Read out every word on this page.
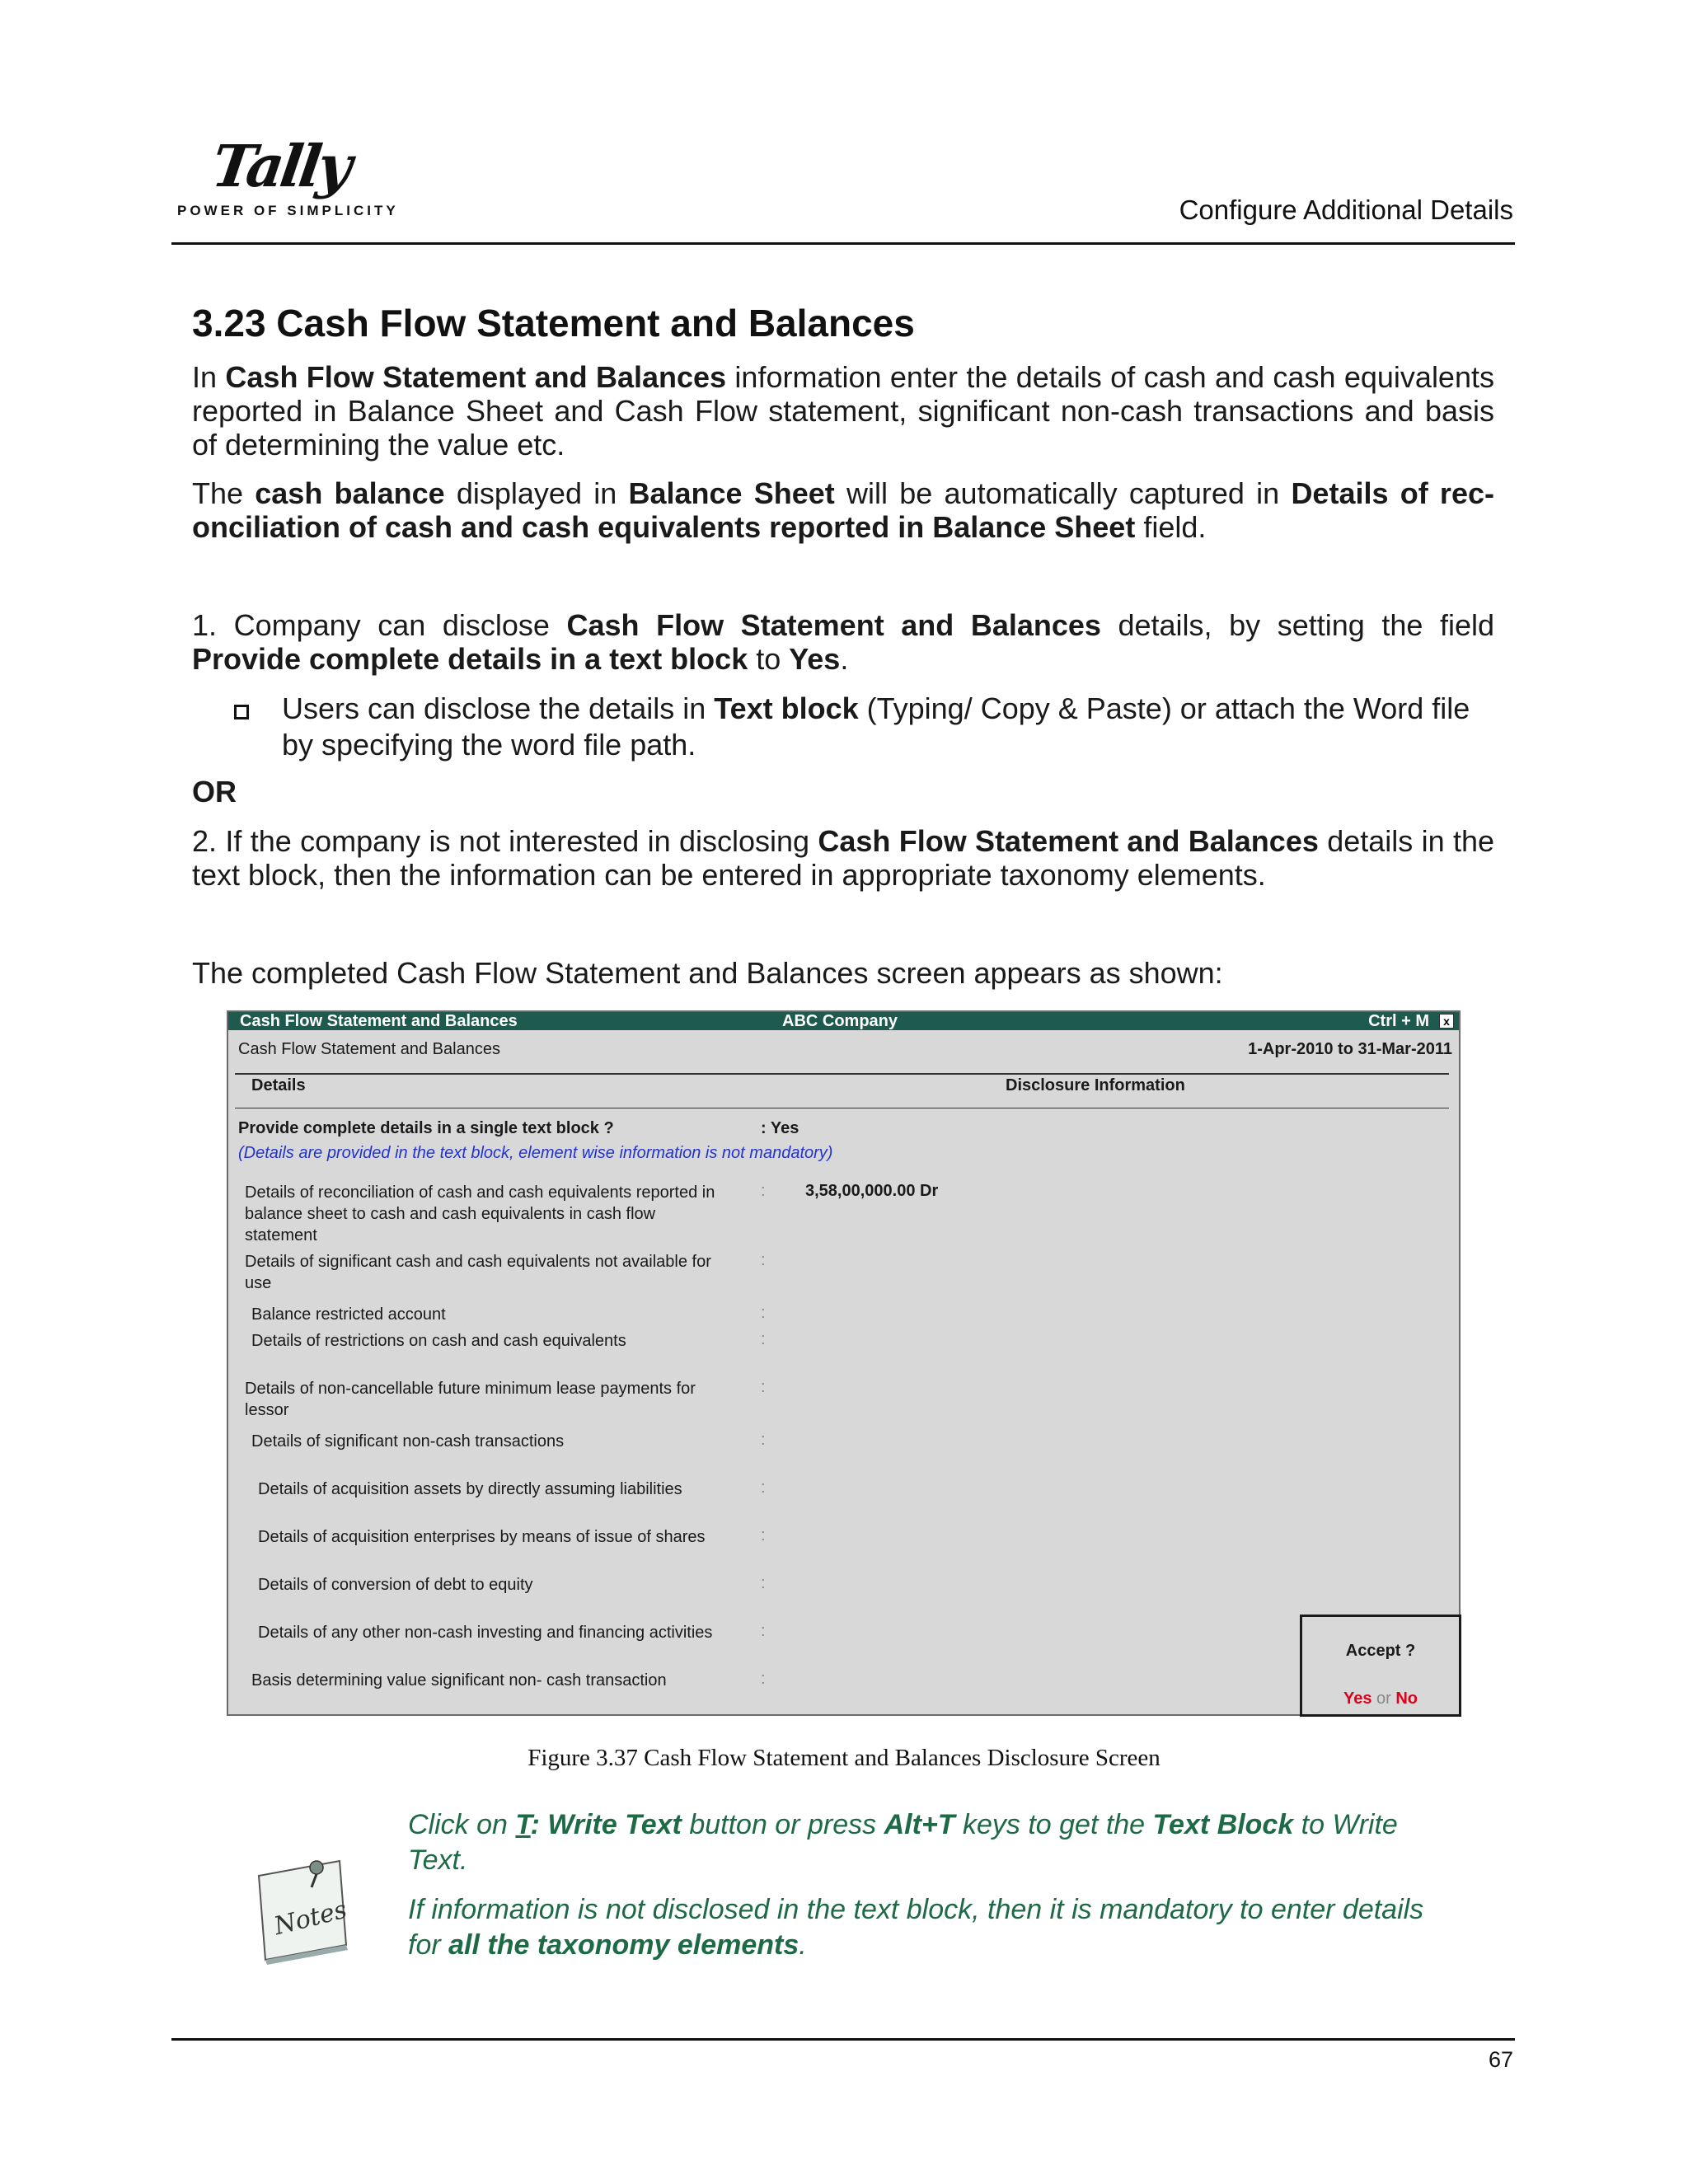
Tally
POWER OF SIMPLICITY	Configure Additional Details
3.23 Cash Flow Statement and Balances
In Cash Flow Statement and Balances information enter the details of cash and cash equivalents reported in Balance Sheet and Cash Flow statement, significant non-cash transactions and basis of determining the value etc.
The cash balance displayed in Balance Sheet will be automatically captured in Details of reconciliation of cash and cash equivalents reported in Balance Sheet field.
1. Company can disclose Cash Flow Statement and Balances details, by setting the field Provide complete details in a text block to Yes.
Users can disclose the details in Text block (Typing/ Copy & Paste) or attach the Word file by specifying the word file path.
OR
2. If the company is not interested in disclosing Cash Flow Statement and Balances details in the text block, then the information can be entered in appropriate taxonomy elements.
The completed Cash Flow Statement and Balances screen appears as shown:
Cash Flow Statement and Balances	ABC Company	Ctrl + M	x
Cash Flow Statement and Balances	1-Apr-2010 to 31-Mar-2011
Details	Disclosure Information
Provide complete details in a single text block ?	: Yes
(Details are provided in the text block, element wise information is not mandatory)
Details of reconciliation of cash and cash equivalents reported in
balance sheet to cash and cash equivalents in cash flow
statement
: 3,58,00,000.00 Dr
Details of significant cash and cash equivalents not available for
use
:
Balance restricted account	:
Details of restrictions on cash and cash equivalents	:
Details of non-cancellable future minimum lease payments for
lessor
:
Details of significant non-cash transactions	:
Details of acquisition assets by directly assuming liabilities	:
Details of acquisition enterprises by means of issue of shares	:
Details of conversion of debt to equity	:
Details of any other non-cash investing and financing activities	:
Basis determining value significant non- cash transaction	:
Accept ?
Yes or No
Figure 3.37 Cash Flow Statement and Balances Disclosure Screen
Notes
Click on T: Write Text button or press Alt+T keys to get the Text Block to Write Text.
If information is not disclosed in the text block, then it is mandatory to enter details for all the taxonomy elements.
67
